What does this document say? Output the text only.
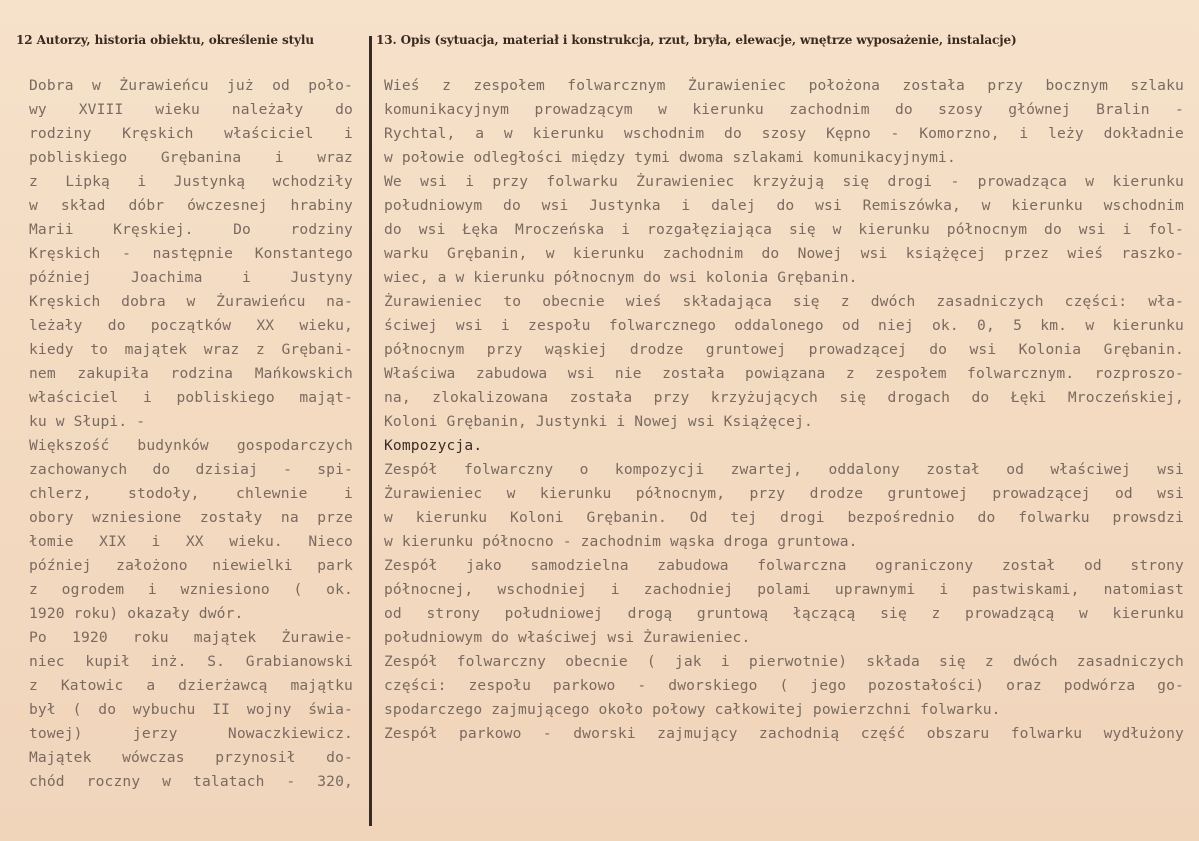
12 Autorzy, historia obiektu, określenie stylu	13. Opis (sytuacja, materiał i konstrukcja, rzut, bryła, elewacje, wnętrze wyposażenie, instalacje)
Dobra w Żurawieńcu już od poło-
wy XVIII wieku należały do
rodziny Kręskich właściciel i
pobliskiego Grębanina i wraz
z Lipką i Justynką wchodziły
w skład dóbr ówczesnej hrabiny
Marii Kręskiej. Do rodziny
Kręskich - następnie Konstantego
później Joachima i Justyny
Kręskich dobra w Żurawieńcu na-
leżały do początków XX wieku,
kiedy to majątek wraz z Grębani-
nem zakupiła rodzina Mańkowskich
właściciel i pobliskiego mająt-
ku w Słupi. -
Większość budynków gospodarczych
zachowanych do dzisiaj - spi-
chlerz, stodoły, chlewnie i
obory wzniesione zostały na prze
łomie XIX i XX wieku. Nieco
później założono niewielki park
z ogrodem i wzniesiono ( ok.
1920 roku) okazały dwór.
Po 1920 roku majątek Żurawie-
niec kupił inż. S. Grabianowski
z Katowic a dzierżawcą majątku
był ( do wybuchu II wojny świa-
towej) jerzy Nowaczkiewicz.
Majątek wówczas przynosił do-
chód roczny w talatach - 320,
Wieś z zespołem folwarcznym Żurawieniec położona została przy bocznym szlaku
komunikacyjnym prowadzącym w kierunku zachodnim do szosy głównej Bralin -
Rychtal, a w kierunku wschodnim do szosy Kępno - Komorzno, i leży dokładnie
w połowie odległości między tymi dwoma szlakami komunikacyjnymi.
We wsi i przy folwarku Żurawieniec krzyżują się drogi - prowadząca w kierunku
południowym do wsi Justynka i dalej do wsi Remiszówka, w kierunku wschodnim
do wsi Łęka Mroczeńska i rozgałęziająca się w kierunku północnym do wsi i fol-
warku Grębanin, w kierunku zachodnim do Nowej wsi książęcej przez wieś raszko-
wiec, a w kierunku północnym do wsi kolonia Grębanin.
Żurawieniec to obecnie wieś składająca się z dwóch zasadniczych części: wła-
ściwej wsi i zespołu folwarcznego oddalonego od niej ok. 0, 5 km. w kierunku
północnym przy wąskiej drodze gruntowej prowadzącej do wsi Kolonia Grębanin.
Właściwa zabudowa wsi nie została powiązana z zespołem folwarcznym. rozproszo-
na, zlokalizowana została przy krzyżujących się drogach do Łęki Mroczeńskiej,
Koloni Grębanin, Justynki i Nowej wsi Książęcej.
Kompozycja.
Zespół folwarczny o kompozycji zwartej, oddalony został od właściwej wsi
Żurawieniec w kierunku północnym, przy drodze gruntowej prowadzącej od wsi
w kierunku Koloni Grębanin. Od tej drogi bezpośrednio do folwarku prowsdzi
w kierunku północno - zachodnim wąska droga gruntowa.
Zespół jako samodzielna zabudowa folwarczna ograniczony został od strony
północnej, wschodniej i zachodniej polami uprawnymi i pastwiskami, natomiast
od strony południowej drogą gruntową łączącą się z prowadzącą w kierunku
południowym do właściwej wsi Żurawieniec.
Zespół folwarczny obecnie ( jak i pierwotnie) składa się z dwóch zasadniczych
części: zespołu parkowo - dworskiego ( jego pozostałości) oraz podwórza go-
spodarczego zajmującego około połowy całkowitej powierzchni folwarku.
Zespół parkowo - dworski zajmujący zachodnią część obszaru folwarku wydłużony
